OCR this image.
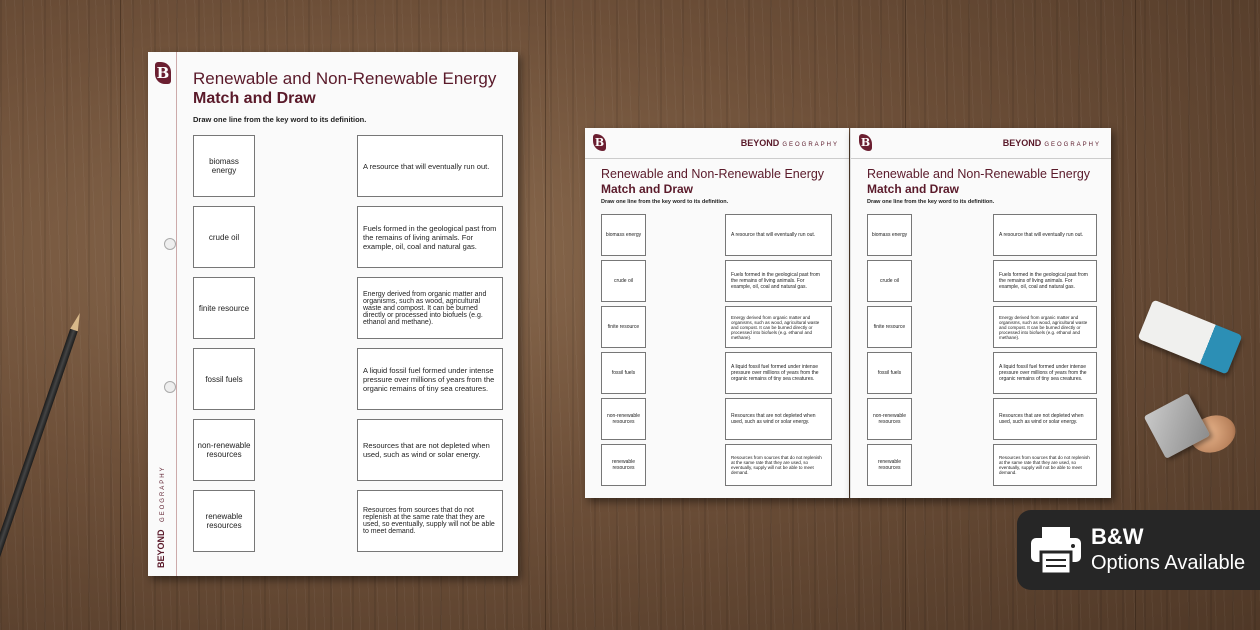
B
BEYOND GEOGRAPHY
Renewable and Non-Renewable Energy
Match and Draw
Draw one line from the key word to its definition.
biomass energy
crude oil
finite resource
fossil fuels
non-renewable resources
renewable resources
A resource that will eventually run out.
Fuels formed in the geological past from the remains of living animals. For example, oil, coal and natural gas.
Energy derived from organic matter and organisms, such as wood, agricultural waste and compost. It can be burned directly or processed into biofuels (e.g. ethanol and methane).
A liquid fossil fuel formed under intense pressure over millions of years from the organic remains of tiny sea creatures.
Resources that are not depleted when used, such as wind or solar energy.
Resources from sources that do not replenish at the same rate that they are used, so eventually, supply will not be able to meet demand.
B	BEYOND GEOGRAPHY
Renewable and Non-Renewable Energy
Match and Draw
Draw one line from the key word to its definition.
biomass energy
crude oil
finite resource
fossil fuels
non-renewable resources
renewable resources
A resource that will eventually run out.
Fuels formed in the geological past from the remains of living animals. For example, oil, coal and natural gas.
Energy derived from organic matter and organisms, such as wood, agricultural waste and compost. It can be burned directly or processed into biofuels (e.g. ethanol and methane).
A liquid fossil fuel formed under intense pressure over millions of years from the organic remains of tiny sea creatures.
Resources that are not depleted when used, such as wind or solar energy.
Resources from sources that do not replenish at the same rate that they are used, so eventually, supply will not be able to meet demand.
B	BEYOND GEOGRAPHY
Renewable and Non-Renewable Energy
Match and Draw
Draw one line from the key word to its definition.
biomass energy
crude oil
finite resource
fossil fuels
non-renewable resources
renewable resources
A resource that will eventually run out.
Fuels formed in the geological past from the remains of living animals. For example, oil, coal and natural gas.
Energy derived from organic matter and organisms, such as wood, agricultural waste and compost. It can be burned directly or processed into biofuels (e.g. ethanol and methane).
A liquid fossil fuel formed under intense pressure over millions of years from the organic remains of tiny sea creatures.
Resources that are not depleted when used, such as wind or solar energy.
Resources from sources that do not replenish at the same rate that they are used, so eventually, supply will not be able to meet demand.
B&W
Options Available
